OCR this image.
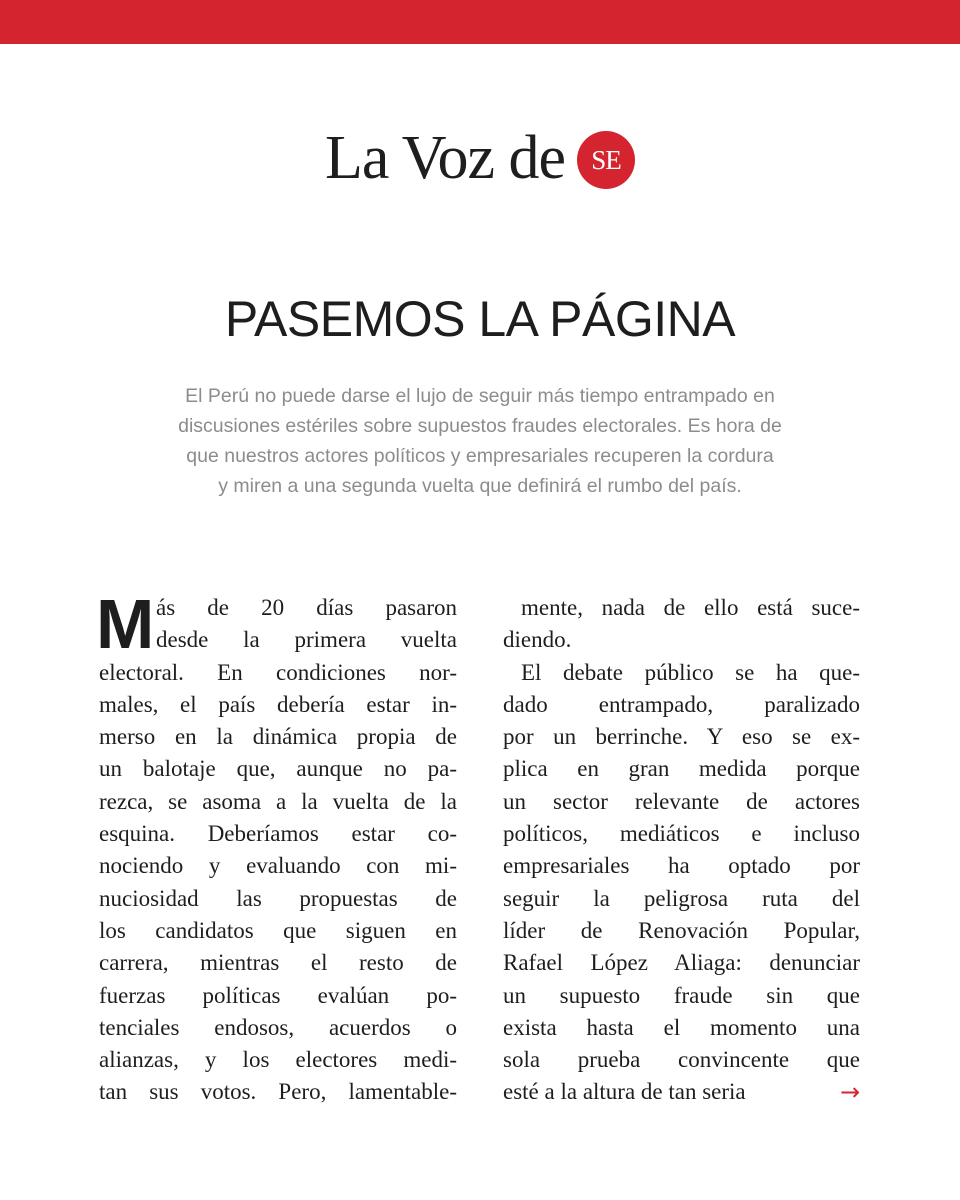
La Voz de SE
PASEMOS LA PÁGINA
El Perú no puede darse el lujo de seguir más tiempo entrampado en
discusiones estériles sobre supuestos fraudes electorales. Es hora de
que nuestros actores políticos y empresariales recuperen la cordura
y miren a una segunda vuelta que definirá el rumbo del país.
M ás de 20 días pasaron
desde la primera vuelta
electoral. En condiciones nor-
males, el país debería estar in-
merso en la dinámica propia de
un balotaje que, aunque no pa-
rezca, se asoma a la vuelta de la
esquina. Deberíamos estar co-
nociendo y evaluando con mi-
nuciosidad las propuestas de
los candidatos que siguen en
carrera, mientras el resto de
fuerzas políticas evalúan po-
tenciales endosos, acuerdos o
alianzas, y los electores medi-
tan sus votos. Pero, lamentable-
mente, nada de ello está suce-
diendo.
El debate público se ha que-
dado entrampado, paralizado
por un berrinche. Y eso se ex-
plica en gran medida porque
un sector relevante de actores
políticos, mediáticos e incluso
empresariales ha optado por
seguir la peligrosa ruta del
líder de Renovación Popular,
Rafael López Aliaga: denunciar
un supuesto fraude sin que
exista hasta el momento una
sola prueba convincente que
esté a la altura de tan seria	→
